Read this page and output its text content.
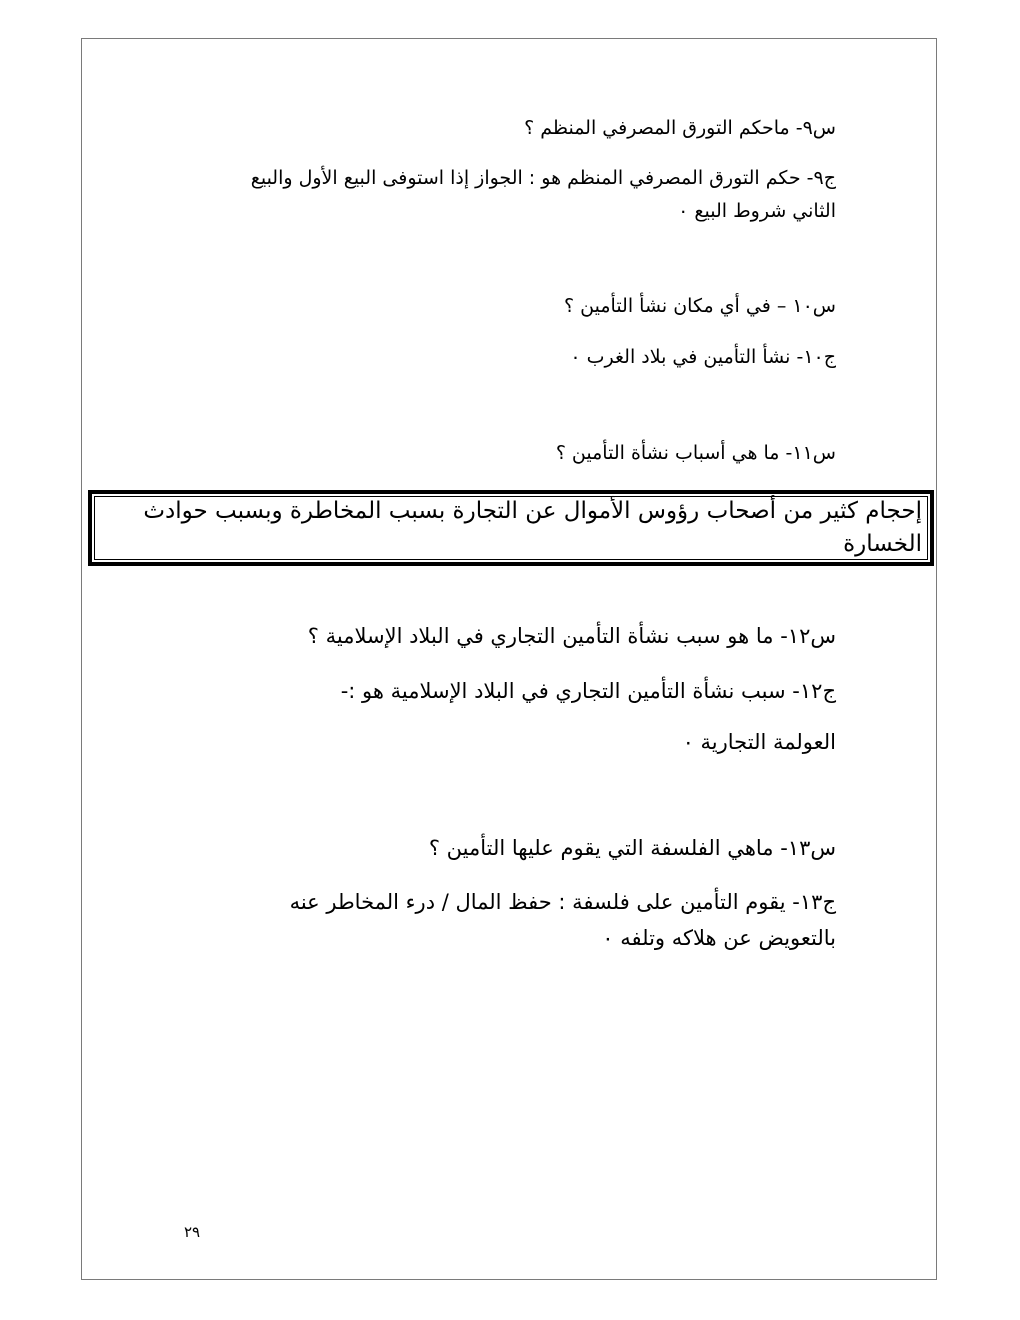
س٩- ماحكم التورق المصرفي المنظم ؟
ج٩- حكم التورق المصرفي المنظم هو : الجواز إذا استوفى البيع الأول والبيع الثاني شروط البيع ٠
س١٠ – في أي مكان نشأ التأمين ؟
ج١٠- نشأ التأمين في بلاد الغرب ٠
س١١- ما هي أسباب نشأة التأمين ؟
إحجام كثير من أصحاب رؤوس الأموال عن التجارة بسبب المخاطرة وبسبب حوادث الخسارة
س١٢- ما هو سبب نشأة التأمين التجاري في البلاد الإسلامية ؟
ج١٢- سبب نشأة التأمين التجاري في البلاد الإسلامية هو :-
العولمة التجارية ٠
س١٣- ماهي الفلسفة التي يقوم عليها التأمين ؟
ج١٣- يقوم التأمين على فلسفة : حفظ المال / درء المخاطر عنه بالتعويض عن هلاكه وتلفه ٠
٢٩
